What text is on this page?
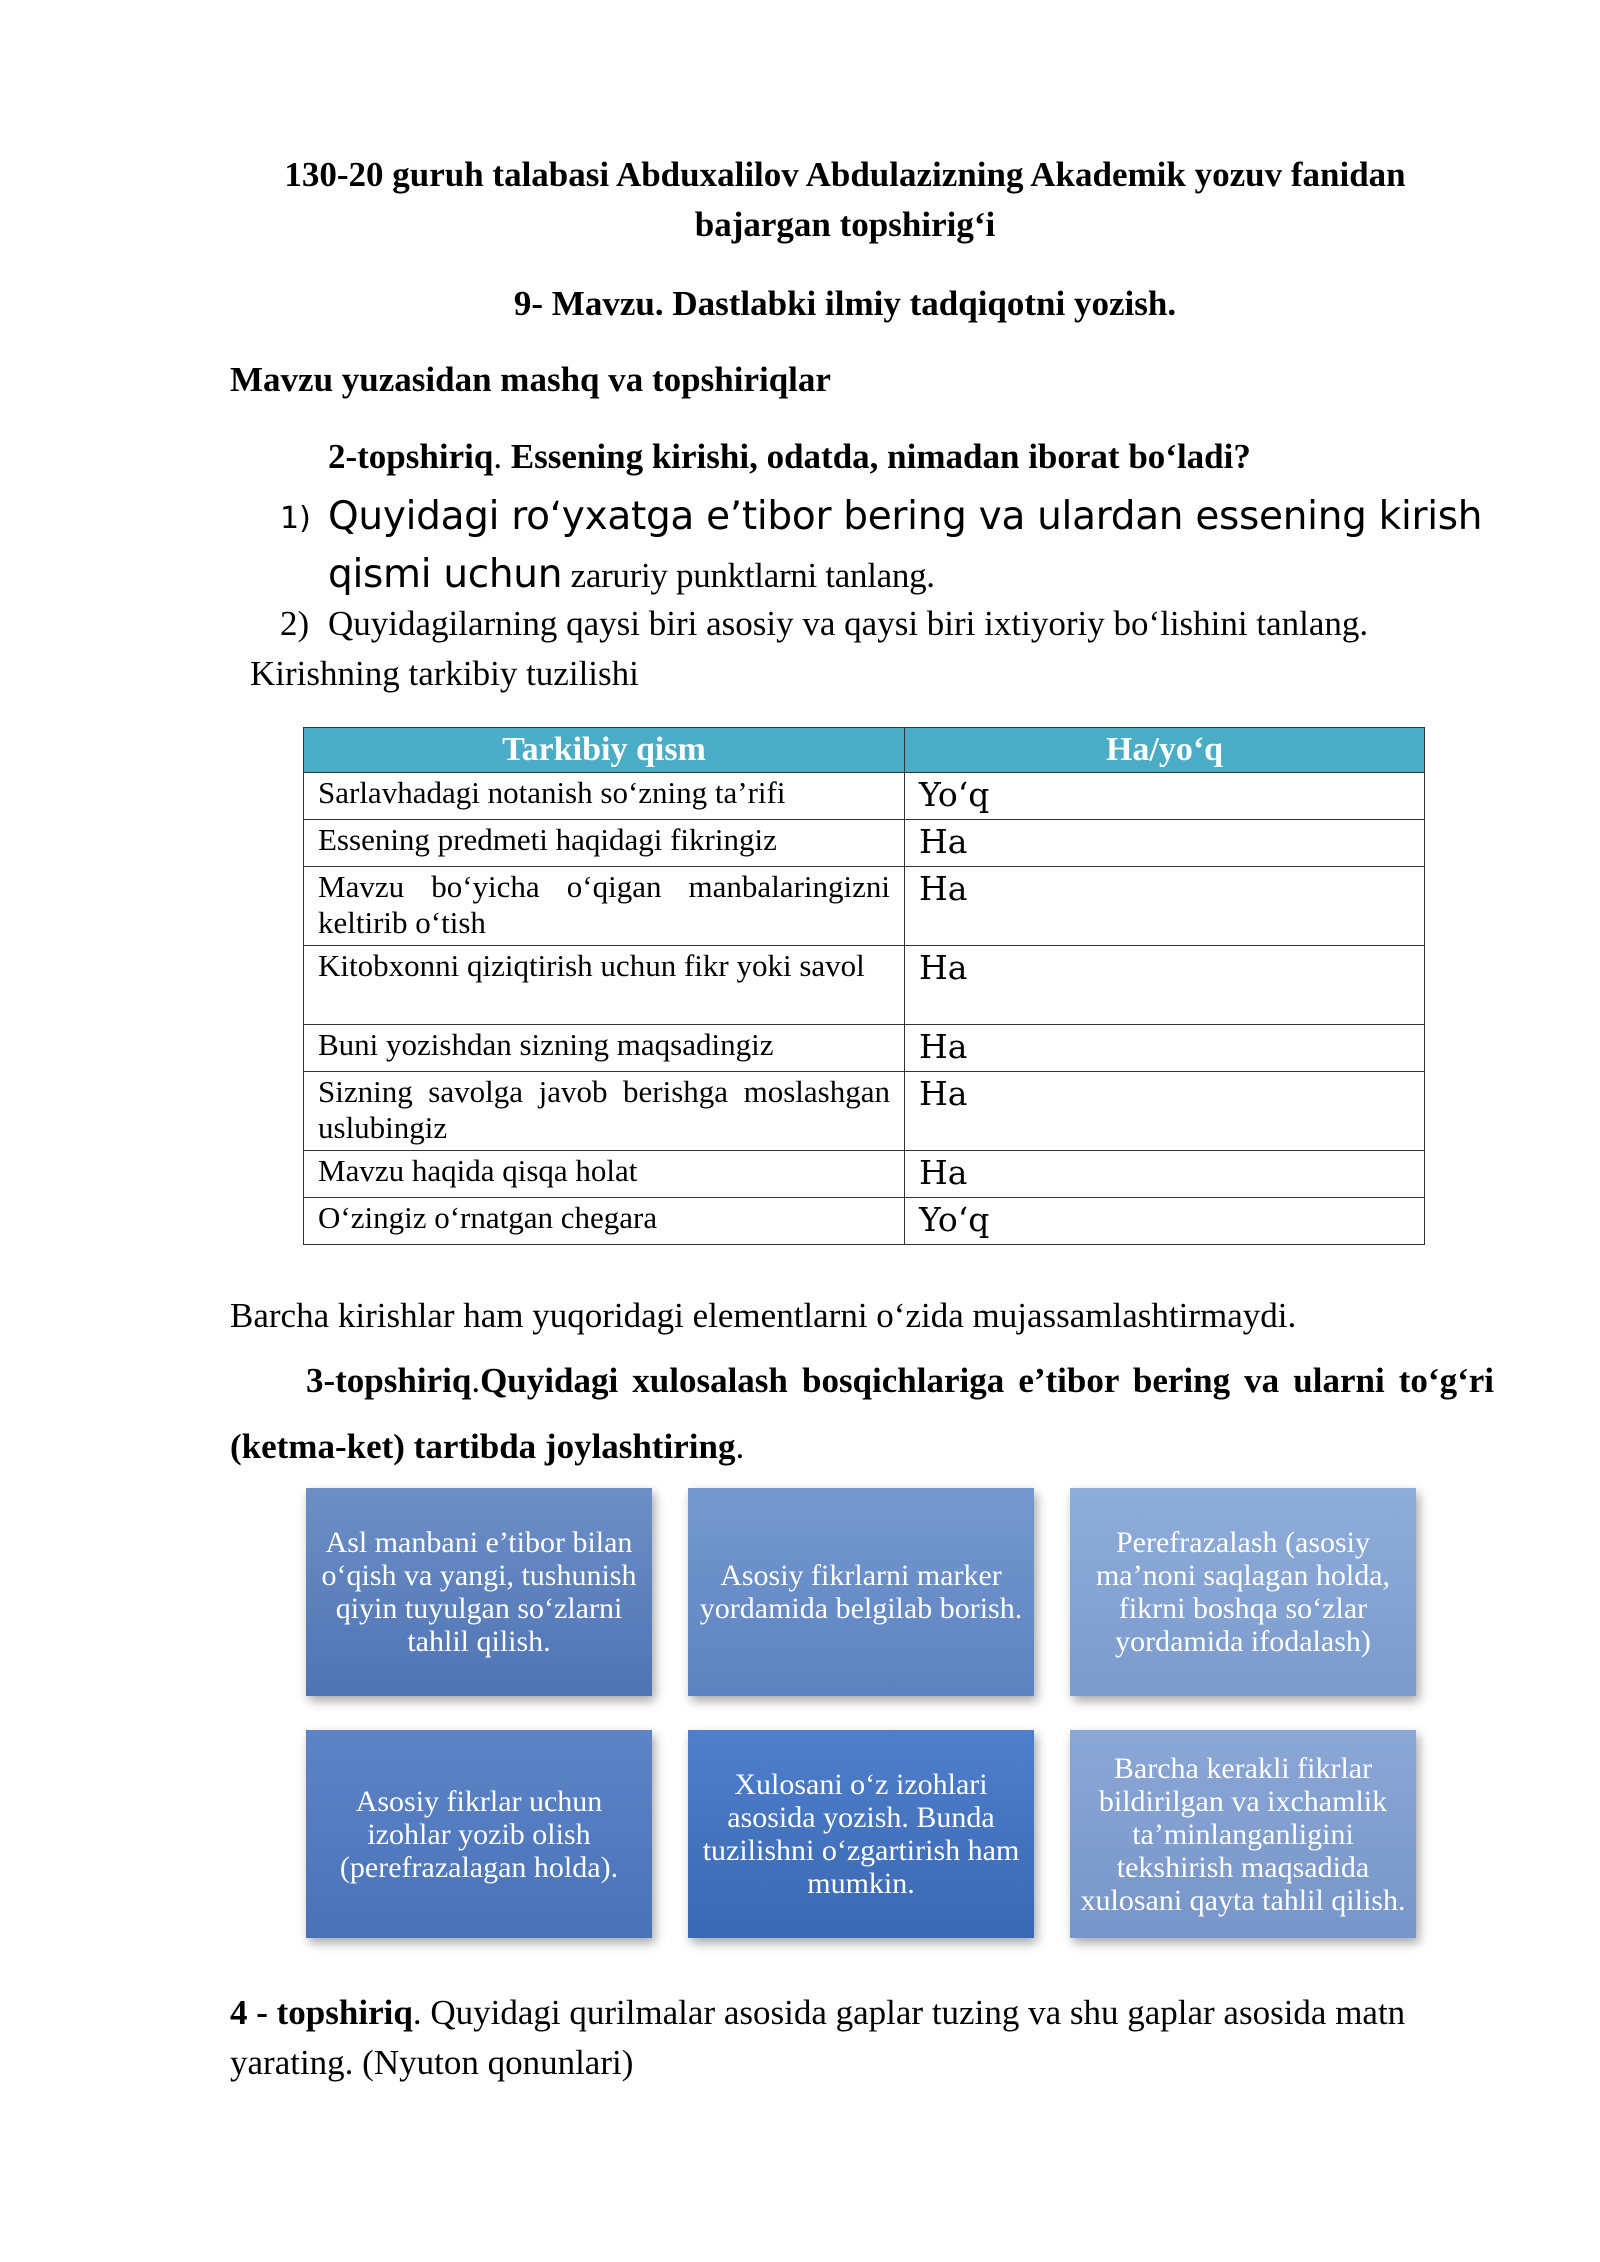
130-20 guruh talabasi Abduxalilov Abdulazizning Akademik yozuv fanidan
bajargan topshirig‘i
9- Mavzu. Dastlabki ilmiy tadqiqotni yozish.
Mavzu yuzasidan mashq va topshiriqlar
2-topshiriq. Essening kirishi, odatda, nimadan iborat bo‘ladi?
1) Quyidagi ro‘yxatga e’tibor bering va ulardan essening kirish qismi uchun zaruriy punktlarni tanlang.
2) Quyidagilarning qaysi biri asosiy va qaysi biri ixtiyoriy bo‘lishini tanlang.
Kirishning tarkibiy tuzilishi
Tarkibiy qism	Ha/yo‘q
Sarlavhadagi notanish so‘zning ta’rifi	Yo‘q
Essening predmeti haqidagi fikringiz	Ha
Mavzu bo‘yicha o‘qigan manbalaringizni keltirib o‘tish	Ha
Kitobxonni qiziqtirish uchun fikr yoki savol	Ha
Buni yozishdan sizning maqsadingiz	Ha
Sizning savolga javob berishga moslashgan uslubingiz	Ha
Mavzu haqida qisqa holat	Ha
O‘zingiz o‘rnatgan chegara	Yo‘q
Barcha kirishlar ham yuqoridagi elementlarni o‘zida mujassamlashtirmaydi.
3-topshiriq.Quyidagi xulosalash bosqichlariga e’tibor bering va ularni to‘g‘ri (ketma-ket) tartibda joylashtiring.
Asl manbani e’tibor bilan o‘qish va yangi, tushunish qiyin tuyulgan so‘zlarni tahlil qilish.
Asosiy fikrlarni marker yordamida belgilab borish.
Perefrazalash (asosiy ma’noni saqlagan holda, fikrni boshqa so‘zlar yordamida ifodalash)
Asosiy fikrlar uchun izohlar yozib olish (perefrazalagan holda).
Xulosani o‘z izohlari asosida yozish. Bunda tuzilishni o‘zgartirish ham mumkin.
Barcha kerakli fikrlar bildirilgan va ixchamlik ta’minlanganligini tekshirish maqsadida xulosani qayta tahlil qilish.
4 - topshiriq. Quyidagi qurilmalar asosida gaplar tuzing va shu gaplar asosida matn yarating. (Nyuton qonunlari)
